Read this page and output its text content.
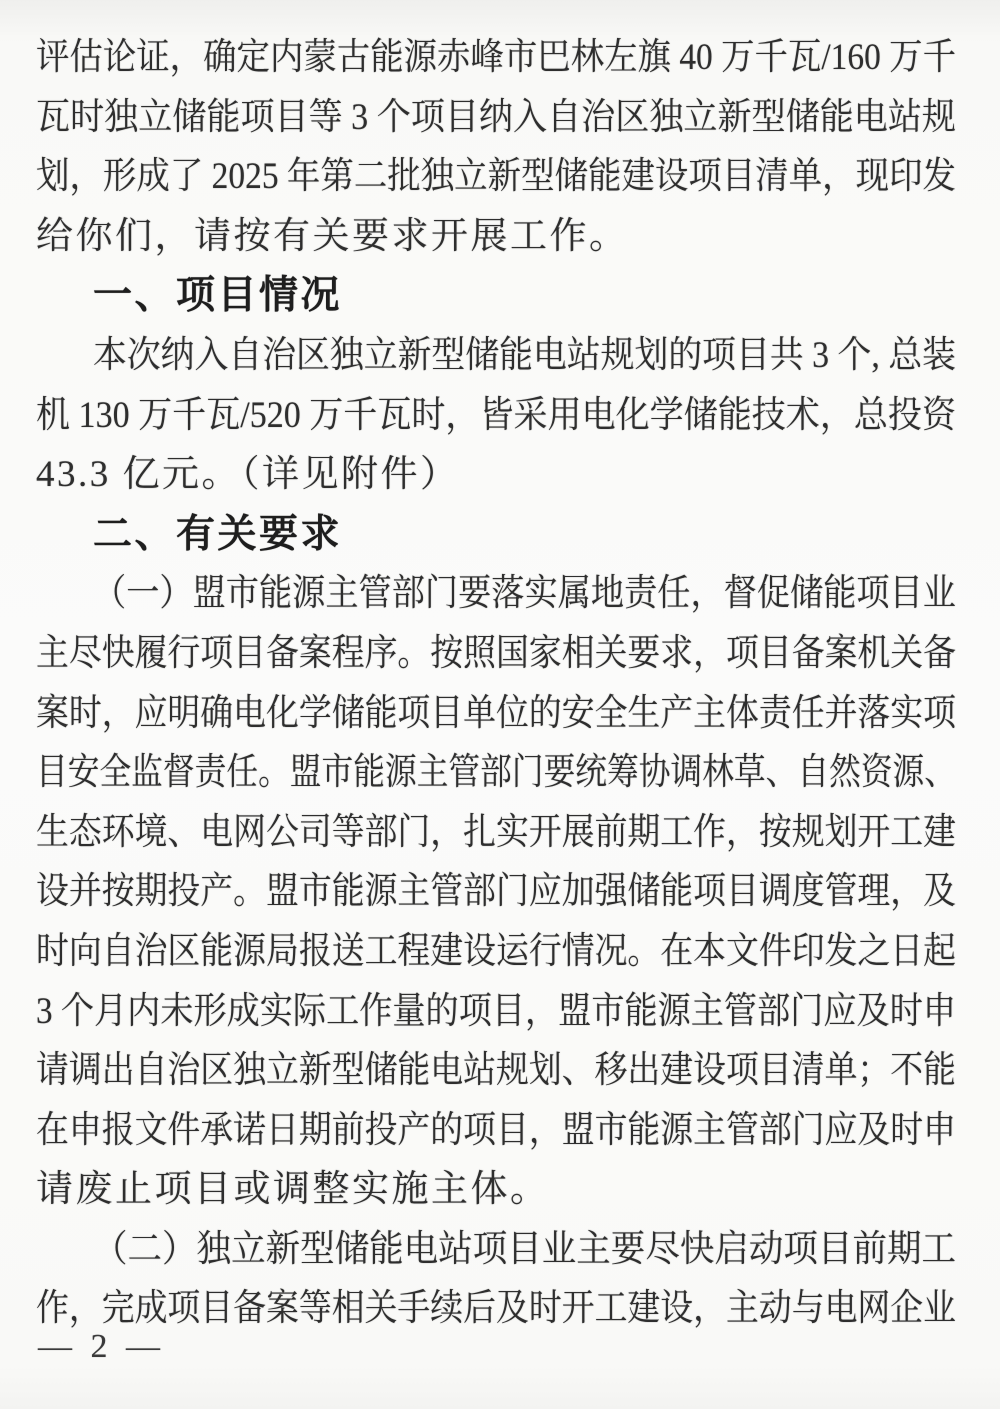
评估论证，确定内蒙古能源赤峰市巴林左旗 40 万千瓦/160 万千
瓦时独立储能项目等 3 个项目纳入自治区独立新型储能电站规
划，形成了 2025 年第二批独立新型储能建设项目清单，现印发
给你们，请按有关要求开展工作。
一、项目情况
本次纳入自治区独立新型储能电站规划的项目共 3 个, 总装
机 130 万千瓦/520 万千瓦时，皆采用电化学储能技术，总投资
43.3 亿元。（详见附件）
二、有关要求
（一）盟市能源主管部门要落实属地责任，督促储能项目业
主尽快履行项目备案程序。按照国家相关要求，项目备案机关备
案时，应明确电化学储能项目单位的安全生产主体责任并落实项
目安全监督责任。盟市能源主管部门要统筹协调林草、自然资源、
生态环境、电网公司等部门，扎实开展前期工作，按规划开工建
设并按期投产。盟市能源主管部门应加强储能项目调度管理，及
时向自治区能源局报送工程建设运行情况。在本文件印发之日起
3 个月内未形成实际工作量的项目，盟市能源主管部门应及时申
请调出自治区独立新型储能电站规划、移出建设项目清单；不能
在申报文件承诺日期前投产的项目，盟市能源主管部门应及时申
请废止项目或调整实施主体。
（二）独立新型储能电站项目业主要尽快启动项目前期工
作，完成项目备案等相关手续后及时开工建设，主动与电网企业
— 2 —
